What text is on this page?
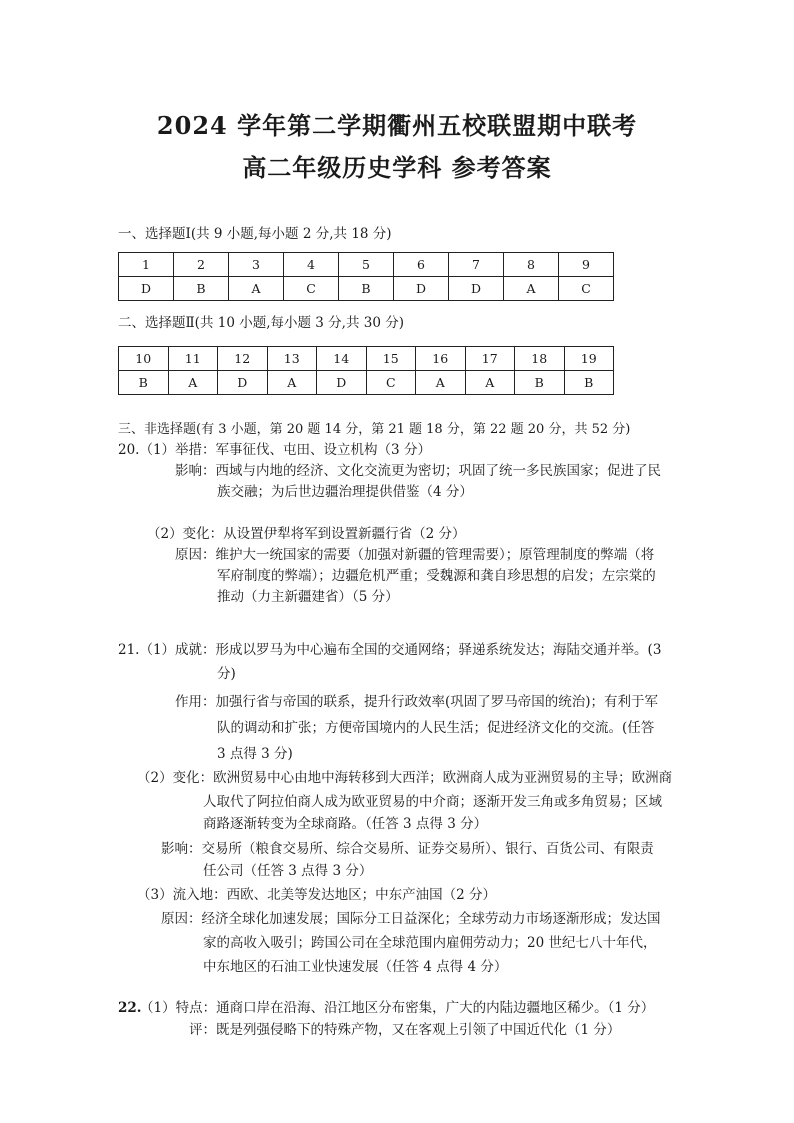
2024 学年第二学期衢州五校联盟期中联考
高二年级历史学科 参考答案
一、选择题Ⅰ(共 9 小题,每小题 2 分,共 18 分)
1	2	3	4	5	6	7	8	9
D	B	A	C	B	D	D	A	C
二、选择题Ⅱ(共 10 小题,每小题 3 分,共 30 分)
10	11	12	13	14	15	16	17	18	19
B	A	D	A	D	C	A	A	B	B
三、非选择题(有 3 小题，第 20 题 14 分，第 21 题 18 分，第 22 题 20 分，共 52 分)
20.（1）举措：军事征伐、屯田、设立机构（3 分）
影响：西域与内地的经济、文化交流更为密切；巩固了统一多民族国家；促进了民
族交融；为后世边疆治理提供借鉴（4 分）
（2）变化：从设置伊犁将军到设置新疆行省（2 分）
原因：维护大一统国家的需要（加强对新疆的管理需要）；原管理制度的弊端（将
军府制度的弊端）；边疆危机严重；受魏源和龚自珍思想的启发；左宗棠的
推动（力主新疆建省）（5 分）
21.（1）成就：形成以罗马为中心遍布全国的交通网络；驿递系统发达；海陆交通并举。(3
分)
作用：加强行省与帝国的联系，提升行政效率(巩固了罗马帝国的统治)；有利于军
队的调动和扩张；方便帝国境内的人民生活；促进经济文化的交流。(任答
3 点得 3 分)
（2）变化：欧洲贸易中心由地中海转移到大西洋；欧洲商人成为亚洲贸易的主导；欧洲商
人取代了阿拉伯商人成为欧亚贸易的中介商；逐渐开发三角或多角贸易；区域
商路逐渐转变为全球商路。（任答 3 点得 3 分）
影响：交易所（粮食交易所、综合交易所、证券交易所）、银行、百货公司、有限责
任公司（任答 3 点得 3 分）
（3）流入地：西欧、北美等发达地区；中东产油国（2 分）
原因：经济全球化加速发展；国际分工日益深化；全球劳动力市场逐渐形成；发达国
家的高收入吸引；跨国公司在全球范围内雇佣劳动力；20 世纪七八十年代，
中东地区的石油工业快速发展（任答 4 点得 4 分）
22.
（1）特点：通商口岸在沿海、沿江地区分布密集，广大的内陆边疆地区稀少。（1 分）
评：既是列强侵略下的特殊产物，又在客观上引领了中国近代化（1 分）
